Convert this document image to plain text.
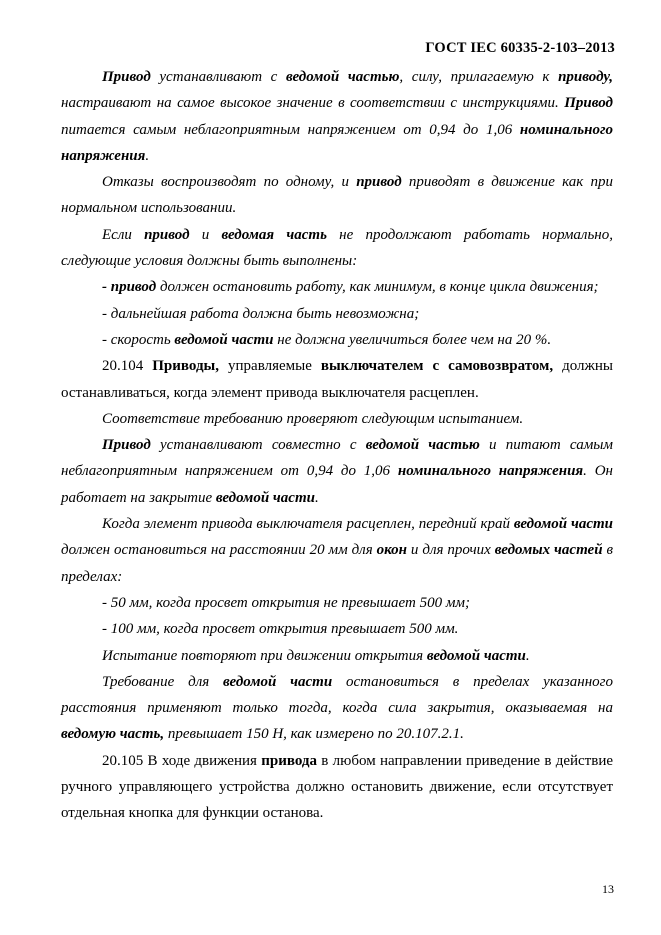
ГОСТ IEC 60335-2-103–2013

Привод устанавливают с ведомой частью, силу, прилагаемую к приводу, настраивают на самое высокое значение в соответствии с инструкциями. Привод питается самым неблагоприятным напряжением от 0,94 до 1,06 номинального напряжения.

Отказы воспроизводят по одному, и привод приводят в движение как при нормальном использовании.

Если привод и ведомая часть не продолжают работать нормально, следующие условия должны быть выполнены:

- привод должен остановить работу, как минимум, в конце цикла движения;

- дальнейшая работа должна быть невозможна;

- скорость ведомой части не должна увеличиться более чем на 20 %.

20.104 Приводы, управляемые выключателем с самовозвратом, должны останавливаться, когда элемент привода выключателя расцеплен.

Соответствие требованию проверяют следующим испытанием.

Привод устанавливают совместно с ведомой частью и питают самым неблагоприятным напряжением от 0,94 до 1,06 номинального напряжения. Он работает на закрытие ведомой части.

Когда элемент привода выключателя расцеплен, передний край ведомой части должен остановиться на расстоянии 20 мм для окон и для прочих ведомых частей в пределах:

- 50 мм, когда просвет открытия не превышает 500 мм;

- 100 мм, когда просвет открытия превышает 500 мм.

Испытание повторяют при движении открытия ведомой части.

Требование для ведомой части остановиться в пределах указанного расстояния применяют только тогда, когда сила закрытия, оказываемая на ведомую часть, превышает 150 Н, как измерено по 20.107.2.1.

20.105 В ходе движения привода в любом направлении приведение в действие ручного управляющего устройства должно остановить движение, если отсутствует отдельная кнопка для функции останова.

13
